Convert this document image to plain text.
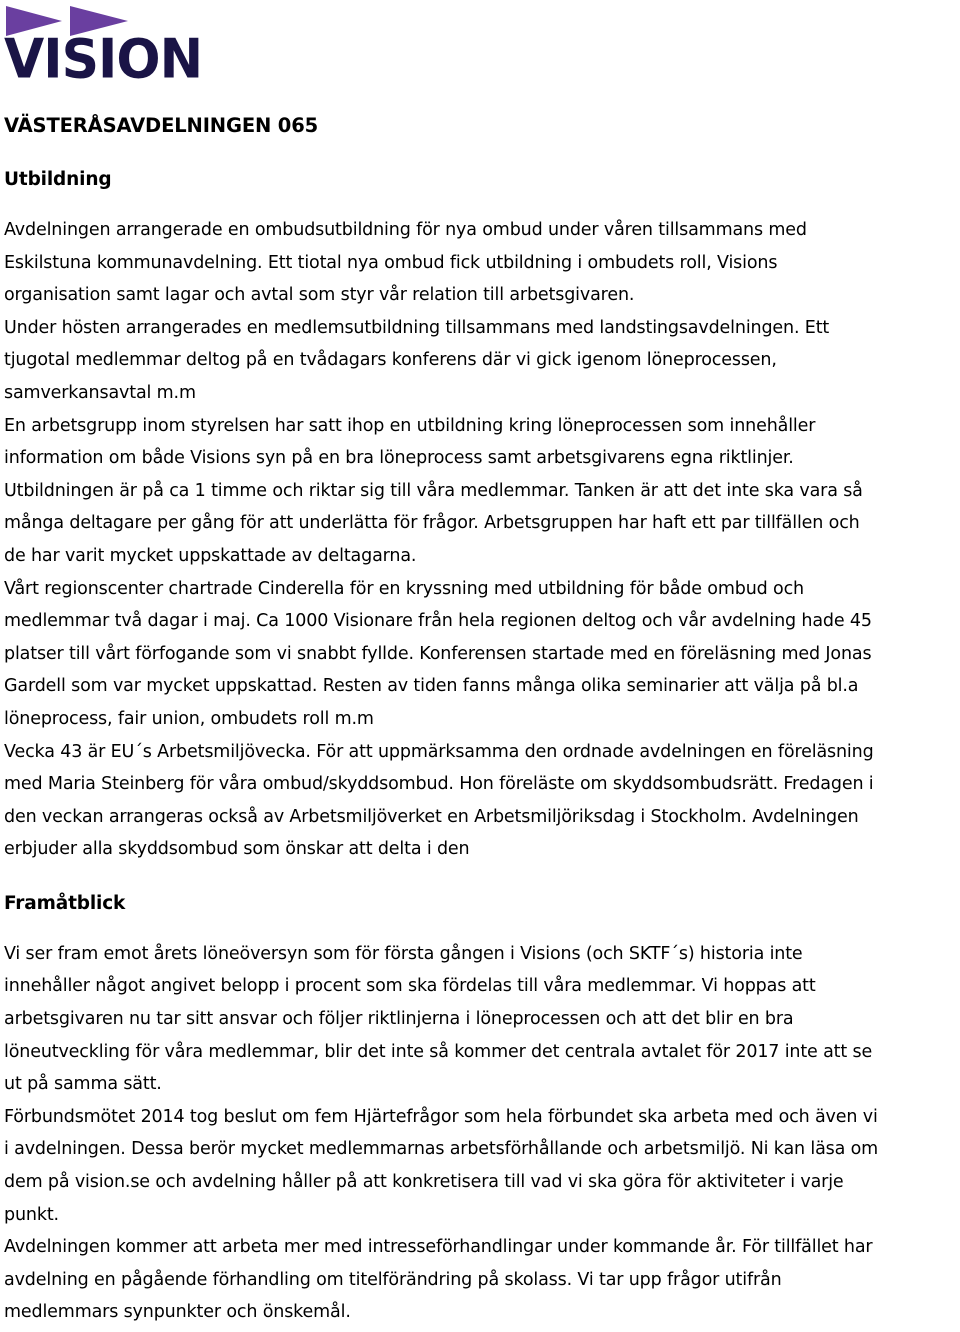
VISION

VÄSTERÅSAVDELNINGEN 065

Utbildning

Avdelningen arrangerade en ombudsutbildning för nya ombud under våren tillsammans med
Eskilstuna kommunavdelning. Ett tiotal nya ombud fick utbildning i ombudets roll, Visions
organisation samt lagar och avtal som styr vår relation till arbetsgivaren.

Under hösten arrangerades en medlemsutbildning tillsammans med landstingsavdelningen. Ett
tjugotal medlemmar deltog på en tvådagars konferens där vi gick igenom löneprocessen,
samverkansavtal m.m

En arbetsgrupp inom styrelsen har satt ihop en utbildning kring löneprocessen som innehåller
information om både Visions syn på en bra löneprocess samt arbetsgivarens egna riktlinjer.
Utbildningen är på ca 1 timme och riktar sig till våra medlemmar. Tanken är att det inte ska vara så
många deltagare per gång för att underlätta för frågor. Arbetsgruppen har haft ett par tillfällen och
de har varit mycket uppskattade av deltagarna.

Vårt regionscenter chartrade Cinderella för en kryssning med utbildning för både ombud och
medlemmar två dagar i maj. Ca 1000 Visionare från hela regionen deltog och vår avdelning hade 45
platser till vårt förfogande som vi snabbt fyllde. Konferensen startade med en föreläsning med Jonas
Gardell som var mycket uppskattad. Resten av tiden fanns många olika seminarier att välja på bl.a
löneprocess, fair union, ombudets roll m.m

Vecka 43 är EU´s Arbetsmiljövecka. För att uppmärksamma den ordnade avdelningen en föreläsning
med Maria Steinberg för våra ombud/skyddsombud. Hon föreläste om skyddsombudsrätt. Fredagen i
den veckan arrangeras också av Arbetsmiljöverket en Arbetsmiljöriksdag i Stockholm. Avdelningen
erbjuder alla skyddsombud som önskar att delta i den

Framåtblick

Vi ser fram emot årets löneöversyn som för första gången i Visions (och SKTF´s) historia inte
innehåller något angivet belopp i procent som ska fördelas till våra medlemmar. Vi hoppas att
arbetsgivaren nu tar sitt ansvar och följer riktlinjerna i löneprocessen och att det blir en bra
löneutveckling för våra medlemmar, blir det inte så kommer det centrala avtalet för 2017 inte att se
ut på samma sätt.

Förbundsmötet 2014 tog beslut om fem Hjärtefrågor som hela förbundet ska arbeta med och även vi
i avdelningen. Dessa berör mycket medlemmarnas arbetsförhållande och arbetsmiljö. Ni kan läsa om
dem på vision.se och avdelning håller på att konkretisera till vad vi ska göra för aktiviteter i varje
punkt.

Avdelningen kommer att arbeta mer med intresseförhandlingar under kommande år. För tillfället har
avdelning en pågående förhandling om titelförändring på skolass. Vi tar upp frågor utifrån
medlemmars synpunkter och önskemål.
